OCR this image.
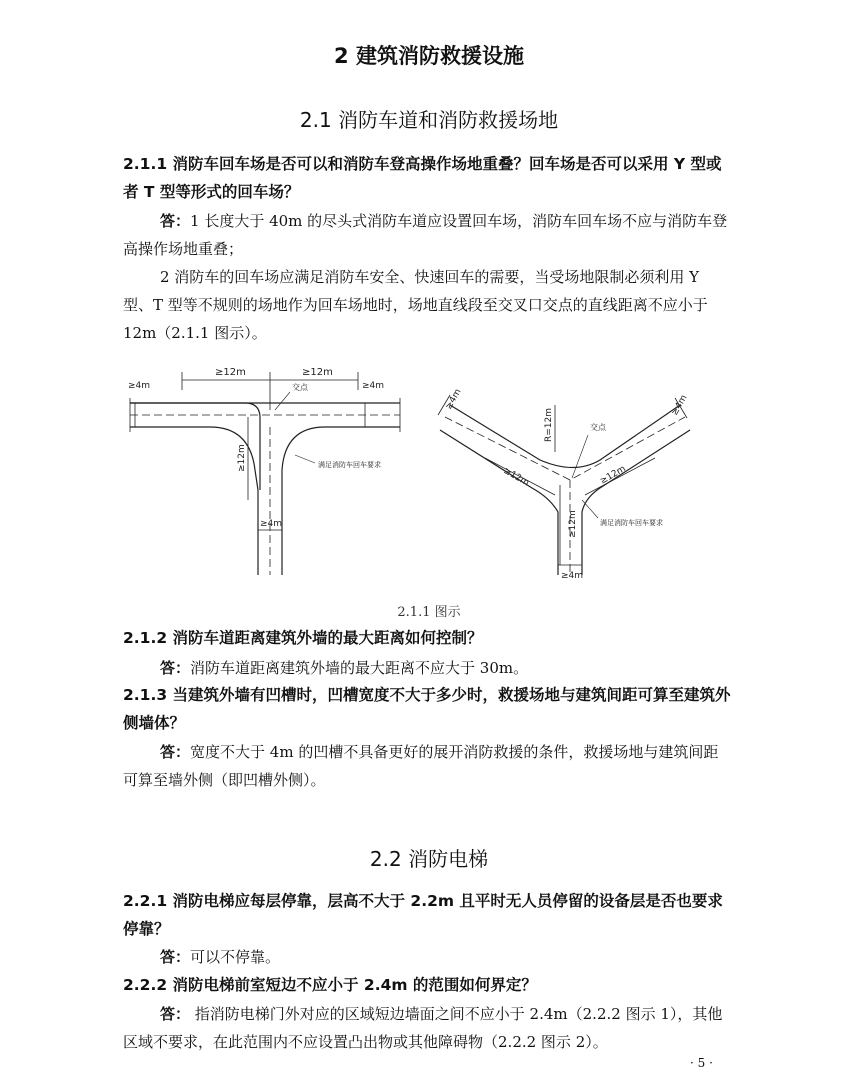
2 建筑消防救援设施
2.1 消防车道和消防救援场地
2.1.1 消防车回车场是否可以和消防车登高操作场地重叠？回车场是否可以采用 Y 型或者 T 型等形式的回车场？
答：1 长度大于 40m 的尽头式消防车道应设置回车场，消防车回车场不应与消防车登高操作场地重叠；
2 消防车的回车场应满足消防车安全、快速回车的需要，当受场地限制必须利用 Y 型、T 型等不规则的场地作为回车场地时，场地直线段至交叉口交点的直线距离不应小于 12m（2.1.1 图示）。
≥12m	≥12m
交点
≥4m	≥4m
≥12m
≥4m
满足消防车回车要求
≥4m	≥4m
R=12m	交点
≥12m	≥12m
≥12m
≥4m
满足消防车回车要求
2.1.1 图示
2.1.2 消防车道距离建筑外墙的最大距离如何控制？
答：消防车道距离建筑外墙的最大距离不应大于 30m。
2.1.3 当建筑外墙有凹槽时，凹槽宽度不大于多少时，救援场地与建筑间距可算至建筑外侧墙体？
答：宽度不大于 4m 的凹槽不具备更好的展开消防救援的条件，救援场地与建筑间距可算至墙外侧（即凹槽外侧）。
2.2 消防电梯
2.2.1 消防电梯应每层停靠，层高不大于 2.2m 且平时无人员停留的设备层是否也要求停靠？
答：可以不停靠。
2.2.2 消防电梯前室短边不应小于 2.4m 的范围如何界定？
答： 指消防电梯门外对应的区域短边墙面之间不应小于 2.4m（2.2.2 图示 1），其他区域不要求，在此范围内不应设置凸出物或其他障碍物（2.2.2 图示 2）。
· 5 ·
